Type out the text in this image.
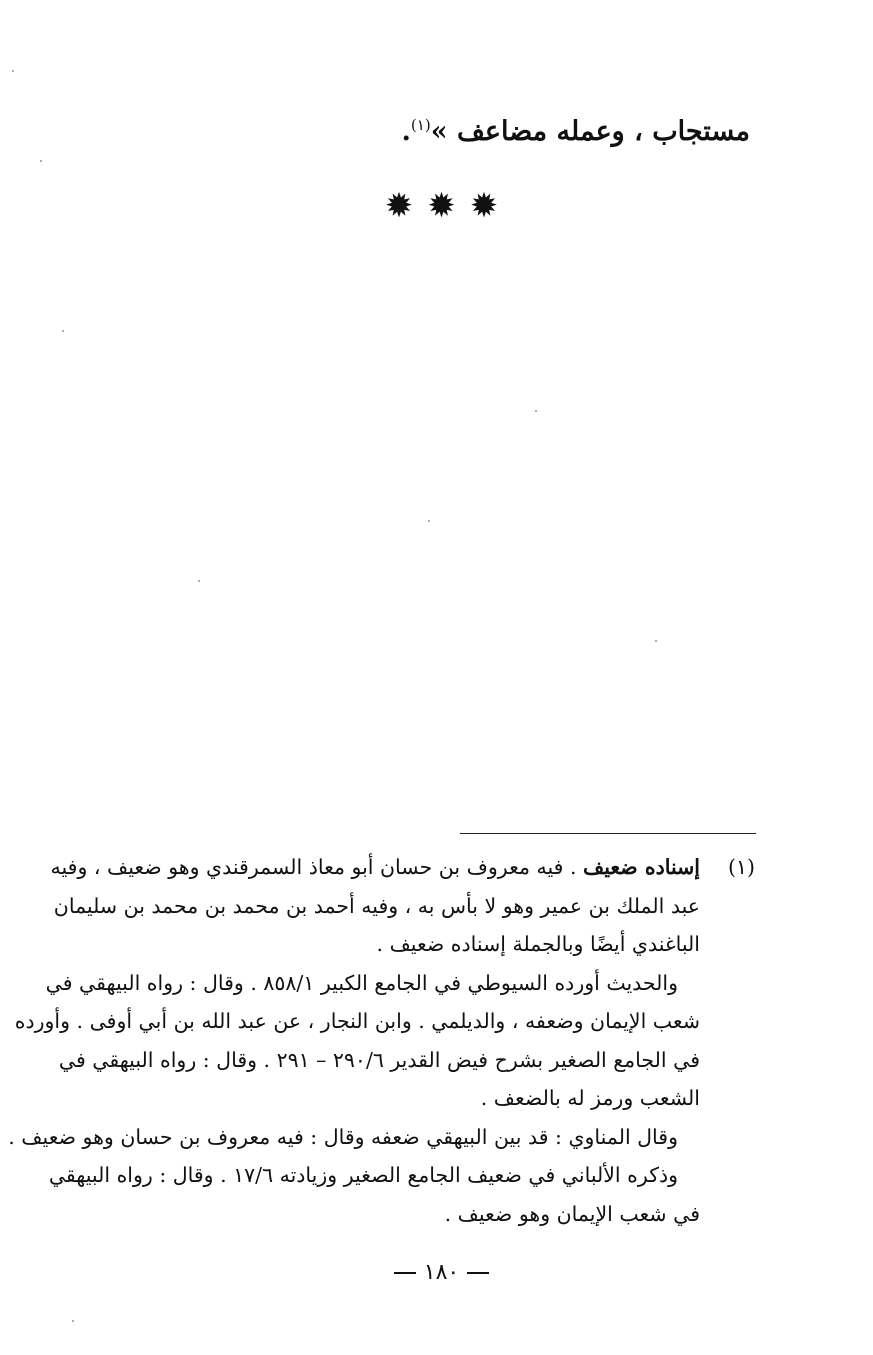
مستجاب ، وعمله مضاعف »$^{(١)}$.
✹ ✹ ✹
(١)
إسناده ضعيف . فيه معروف بن حسان أبو معاذ السمرقندي وهو ضعيف ، وفيه
عبد الملك بن عمير وهو لا بأس به ، وفيه أحمد بن محمد بن محمد بن سليمان
الباغندي أيضًا وبالجملة إسناده ضعيف .
والحديث أورده السيوطي في الجامع الكبير ٨٥٨/١ . وقال : رواه البيهقي في
شعب الإيمان وضعفه ، والديلمي . وابن النجار ، عن عبد الله بن أبي أوفى . وأورده
في الجامع الصغير بشرح فيض القدير ٢٩٠/٦ – ٢٩١ . وقال : رواه البيهقي في
الشعب ورمز له بالضعف .
وقال المناوي : قد بين البيهقي ضعفه وقال : فيه معروف بن حسان وهو ضعيف .
وذكره الألباني في ضعيف الجامع الصغير وزيادته ١٧/٦ . وقال : رواه البيهقي
في شعب الإيمان وهو ضعيف .
١٨٠
